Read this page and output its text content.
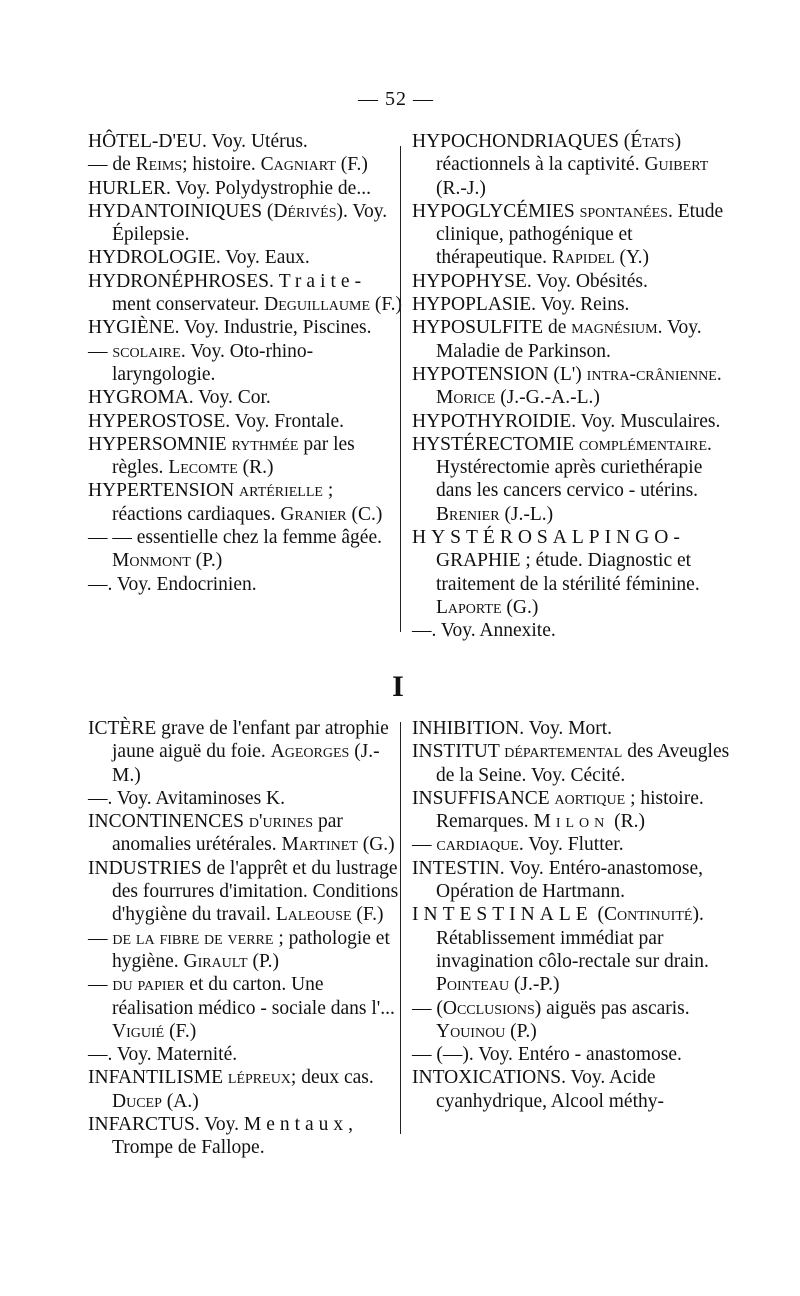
— 52 —

HÔTEL-D'EU. Voy. Utérus.

— de Reims; histoire. Cagniart (F.)

HURLER. Voy. Polydystrophie de...

HYDANTOINIQUES (Dérivés). Voy. Épilepsie.

HYDROLOGIE. Voy. Eaux.

HYDRONÉPHROSES. Traite- ment conservateur. Deguillaume (F.)

HYGIÈNE. Voy. Industrie, Piscines.

— scolaire. Voy. Oto-rhino-laryngologie.

HYGROMA. Voy. Cor.

HYPEROSTOSE. Voy. Frontale.

HYPERSOMNIE rythmée par les règles. Lecomte (R.)

HYPERTENSION artérielle ; réactions cardiaques. Granier (C.)

— — essentielle chez la femme âgée. Monmont (P.)

—. Voy. Endocrinien.

HYPOCHONDRIAQUES (États) réactionnels à la captivité. Guibert (R.-J.)

HYPOGLYCÉMIES spontanées. Etude clinique, pathogénique et thérapeutique. Rapidel (Y.)

HYPOPHYSE. Voy. Obésités.

HYPOPLASIE. Voy. Reins.

HYPOSULFITE de magnésium. Voy. Maladie de Parkinson.

HYPOTENSION (L') intra-crânienne. Morice (J.-G.-A.-L.)

HYPOTHYROIDIE. Voy. Musculaires.

HYSTÉRECTOMIE complémentaire. Hystérectomie après curiethérapie dans les cancers cervico - utérins. Brenier (J.-L.)

HYSTÉROSALPINGO-GRAPHIE ; étude. Diagnostic et traitement de la stérilité féminine. Laporte (G.)

—. Voy. Annexite.

I

ICTÈRE grave de l'enfant par atrophie jaune aiguë du foie. Ageorges (J.-M.)

—. Voy. Avitaminoses K.

INCONTINENCES d'urines par anomalies urétérales. Martinet (G.)

INDUSTRIES de l'apprêt et du lustrage des fourrures d'imitation. Conditions d'hygiène du travail. Laleouse (F.)

— de la fibre de verre ; pathologie et hygiène. Girault (P.)

— du papier et du carton. Une réalisation médico - sociale dans l'... Viguié (F.)

—. Voy. Maternité.

INFANTILISME lépreux; deux cas. Ducep (A.)

INFARCTUS. Voy. Mentaux, Trompe de Fallope.

INHIBITION. Voy. Mort.

INSTITUT départemental des Aveugles de la Seine. Voy. Cécité.

INSUFFISANCE aortique ; histoire. Remarques. Milon (R.)

— cardiaque. Voy. Flutter.

INTESTIN. Voy. Entéro-anastomose, Opération de Hartmann.

INTESTINALE (Continuité). Rétablissement immédiat par invagination côlo-rectale sur drain. Pointeau (J.-P.)

— (Occlusions) aiguës pas ascaris. Youinou (P.)

— (—). Voy. Entéro - anastomose.

INTOXICATIONS. Voy. Acide cyanhydrique, Alcool méthy-
